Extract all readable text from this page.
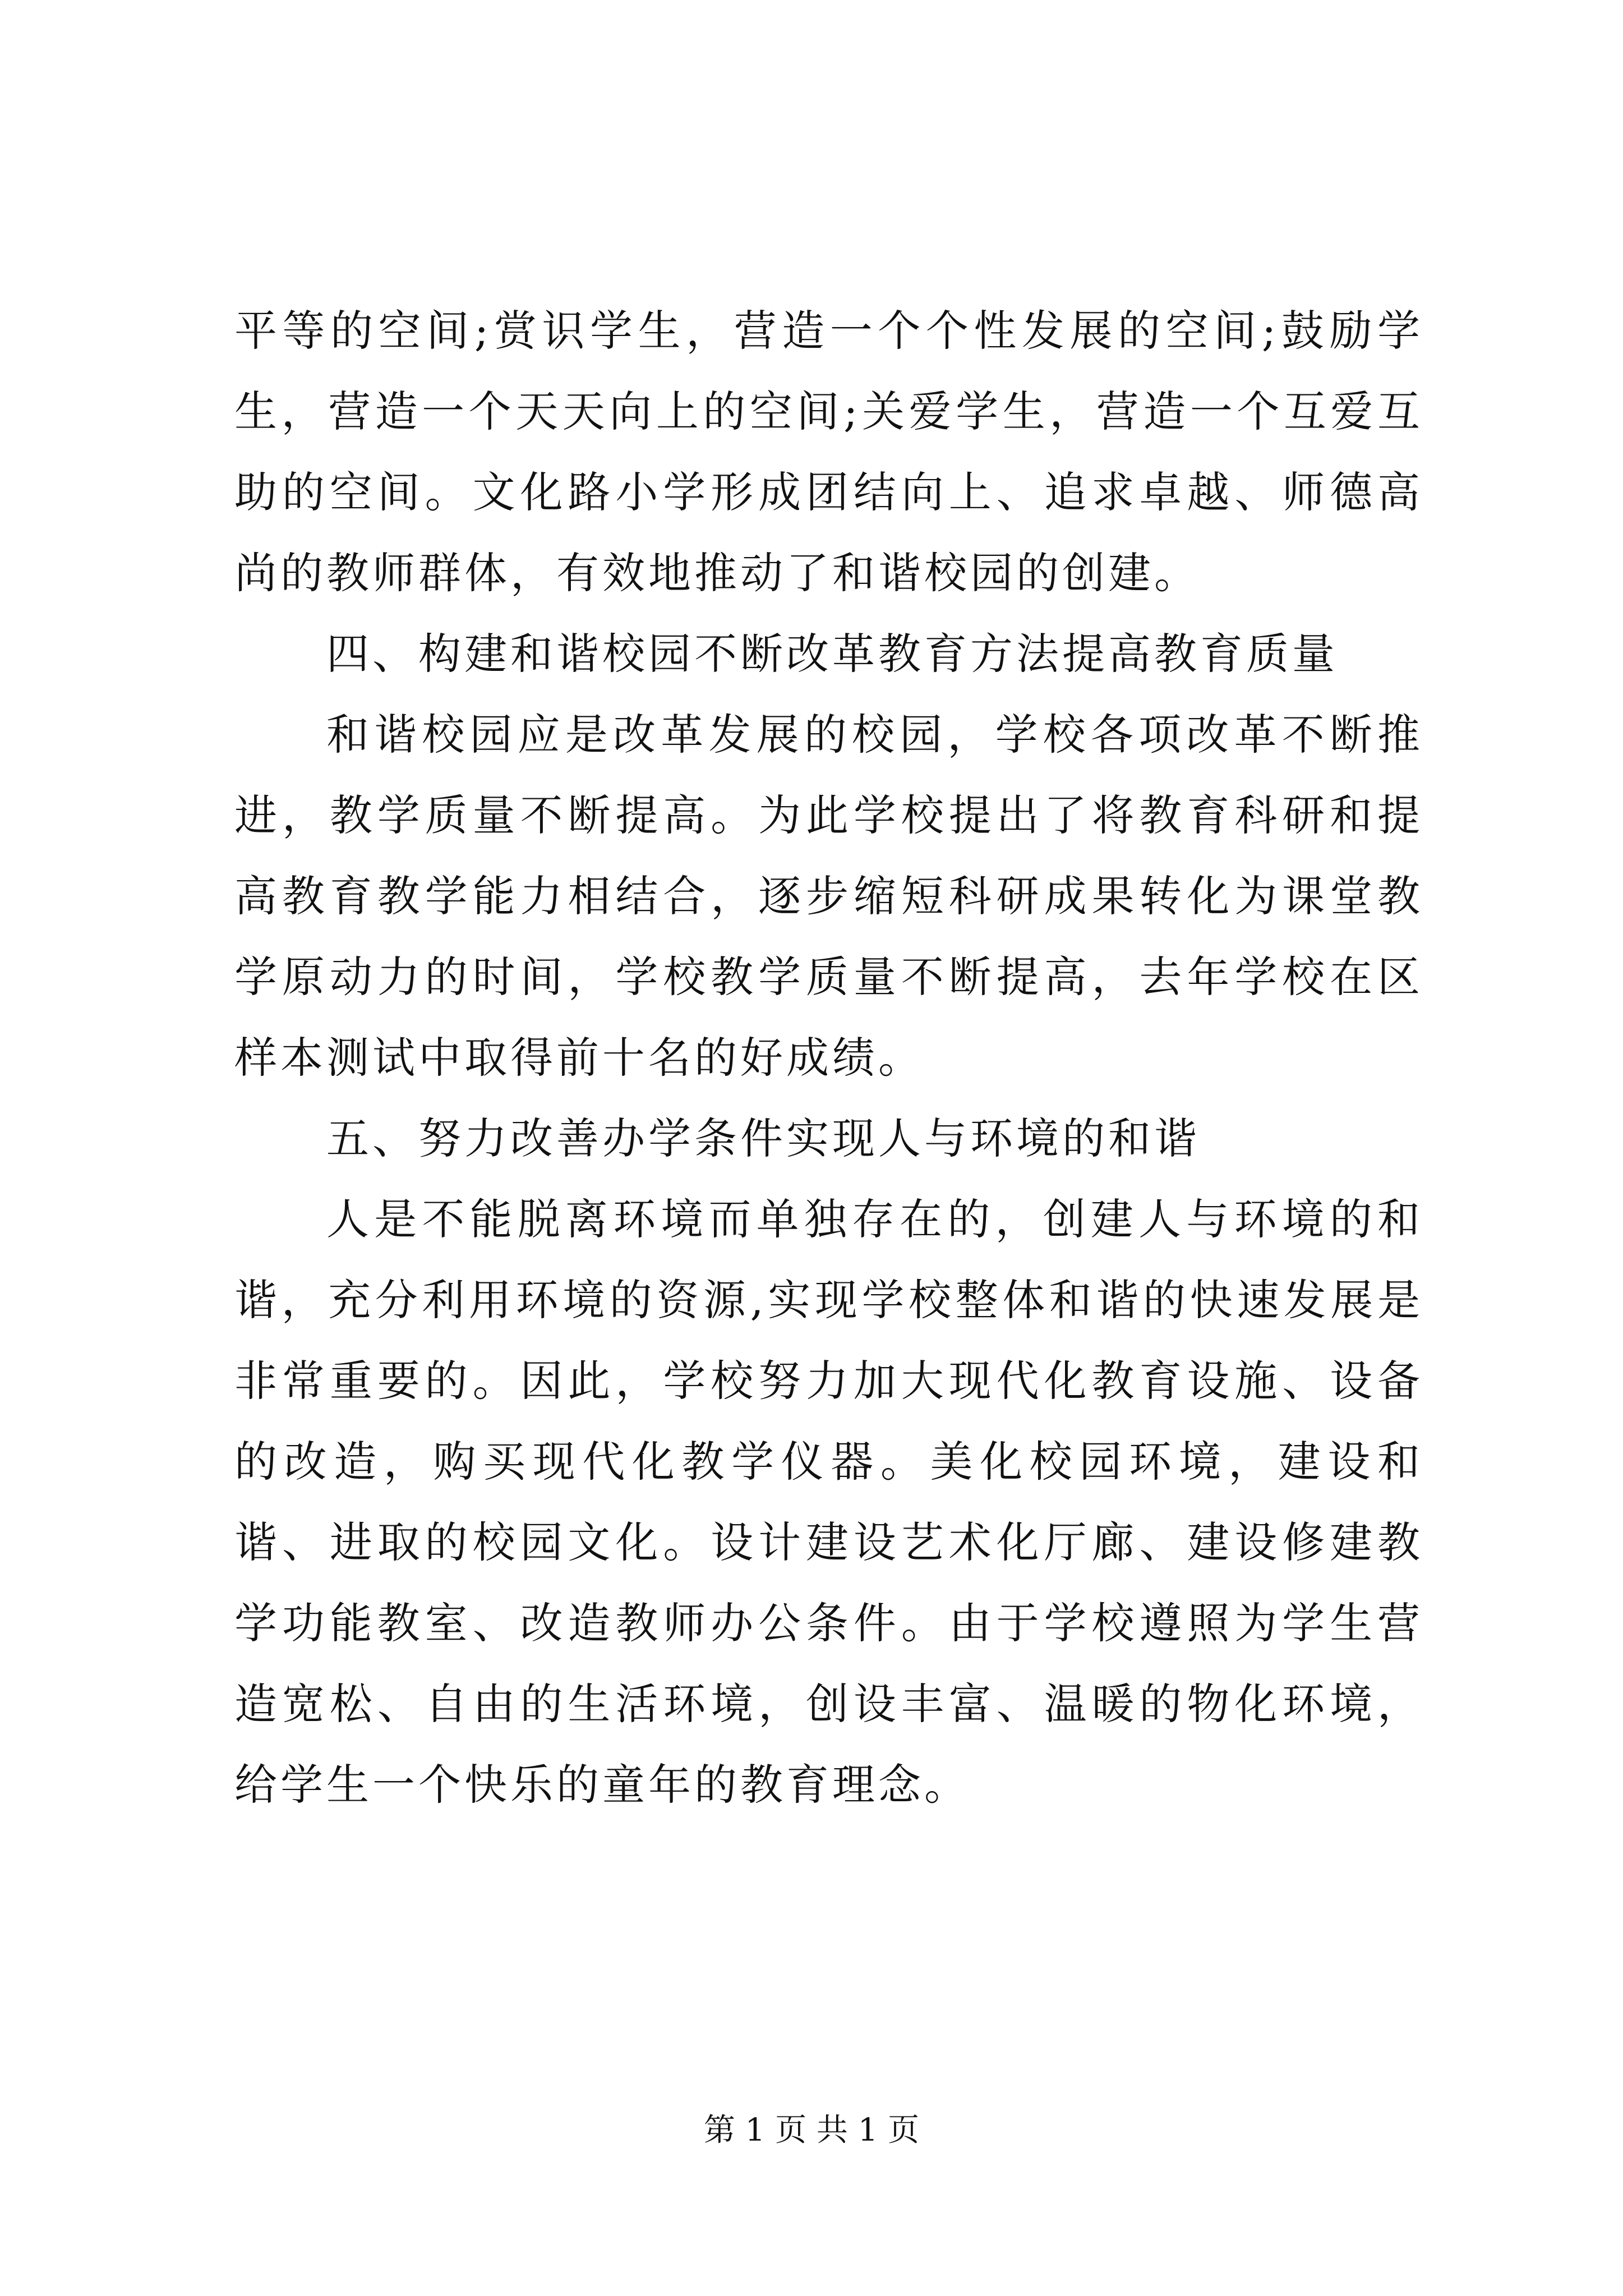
平等的空间;赏识学生，营造一个个性发展的空间;鼓励学生，营造一个天天向上的空间;关爱学生，营造一个互爱互助的空间。文化路小学形成团结向上、追求卓越、师德高尚的教师群体，有效地推动了和谐校园的创建。

四、构建和谐校园不断改革教育方法提高教育质量

和谐校园应是改革发展的校园，学校各项改革不断推进，教学质量不断提高。为此学校提出了将教育科研和提高教育教学能力相结合，逐步缩短科研成果转化为课堂教学原动力的时间，学校教学质量不断提高，去年学校在区样本测试中取得前十名的好成绩。

五、努力改善办学条件实现人与环境的和谐

人是不能脱离环境而单独存在的，创建人与环境的和谐，充分利用环境的资源,实现学校整体和谐的快速发展是非常重要的。因此，学校努力加大现代化教育设施、设备的改造，购买现代化教学仪器。美化校园环境，建设和谐、进取的校园文化。设计建设艺术化厅廊、建设修建教学功能教室、改造教师办公条件。由于学校遵照为学生营造宽松、自由的生活环境，创设丰富、温暖的物化环境，给学生一个快乐的童年的教育理念。

第 1 页 共 1 页
